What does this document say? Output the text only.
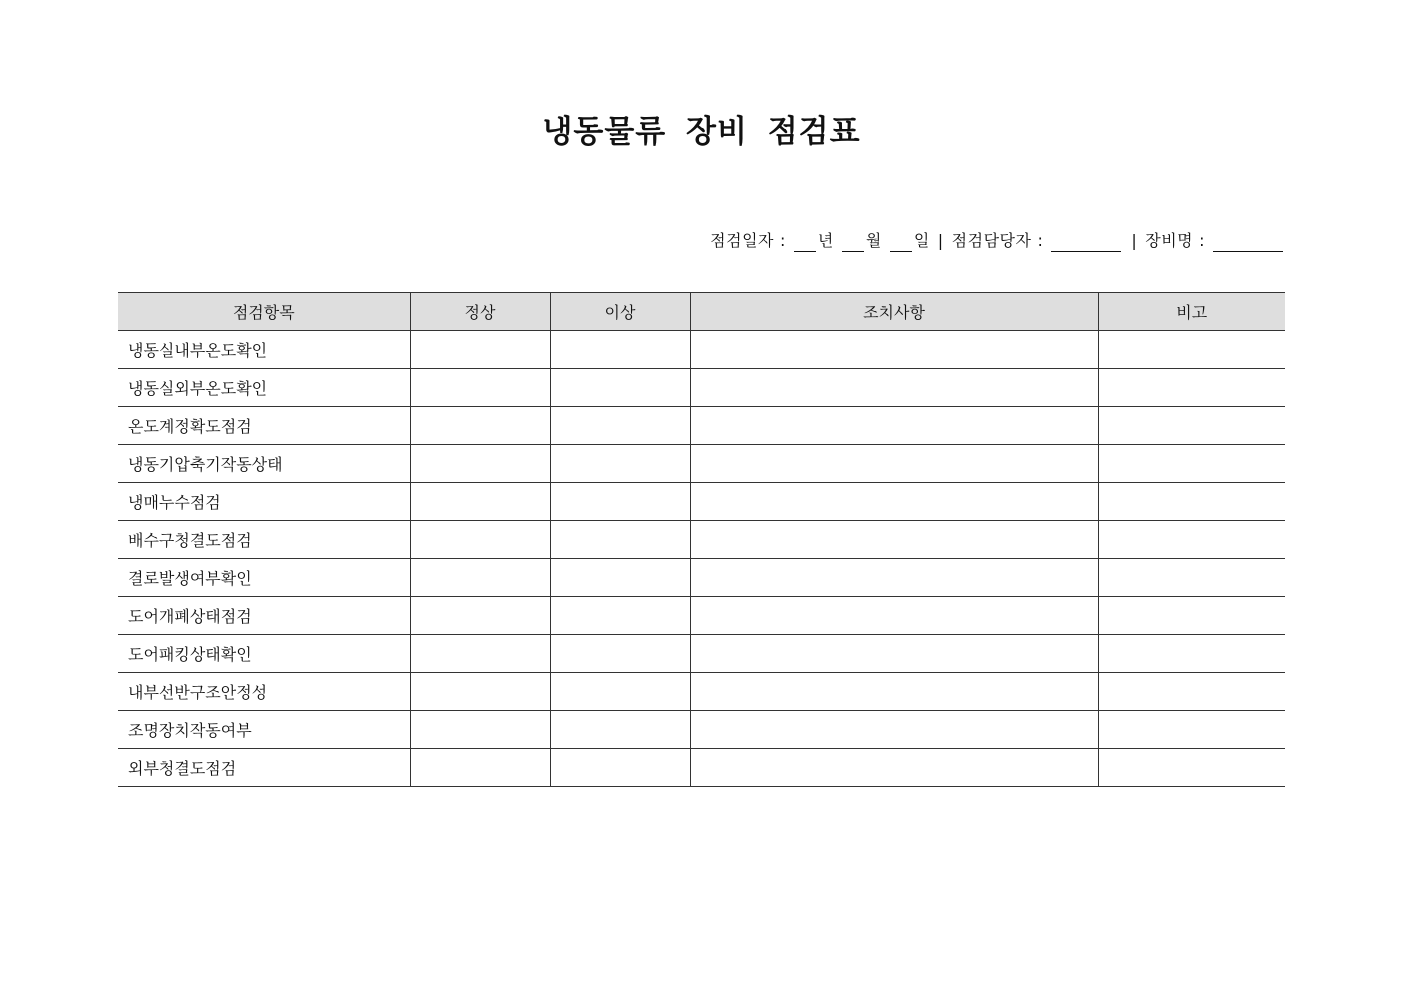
냉동물류 장비 점검표
점검일자 : 년 월 일 | 점검담당자 :	| 장비명 :
점검항목	정상	이상	조치사항	비고
냉동실내부온도확인				
냉동실외부온도확인				
온도계정확도점검				
냉동기압축기작동상태				
냉매누수점검				
배수구청결도점검				
결로발생여부확인				
도어개폐상태점검				
도어패킹상태확인				
내부선반구조안정성				
조명장치작동여부				
외부청결도점검				
